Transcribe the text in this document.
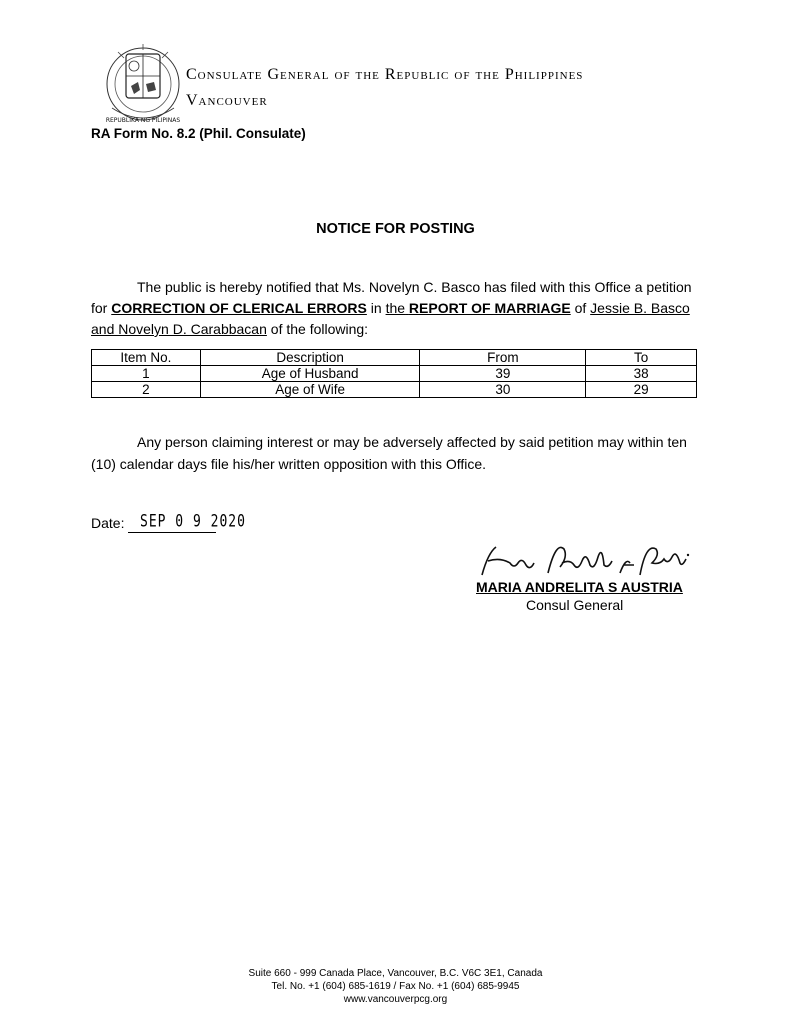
REPUBLIKA NG PILIPINAS
Consulate General of the Republic of the Philippines
Vancouver
RA Form No. 8.2 (Phil. Consulate)
NOTICE FOR POSTING
The public is hereby notified that Ms. Novelyn C. Basco has filed with this Office a petition for CORRECTION OF CLERICAL ERRORS in the REPORT OF MARRIAGE of Jessie B. Basco and Novelyn D. Carabbacan of the following:
Item No.	Description	From	To
1	Age of Husband	39	38
2	Age of Wife	30	29
Any person claiming interest or may be adversely affected by said petition may within ten (10) calendar days file his/her written opposition with this Office.
Date: SEP 0 9 2020
MARIA ANDRELITA S AUSTRIA
Consul General
Suite 660 - 999 Canada Place, Vancouver, B.C. V6C 3E1, Canada
Tel. No. +1 (604) 685-1619 / Fax No. +1 (604) 685-9945
www.vancouverpcg.org
